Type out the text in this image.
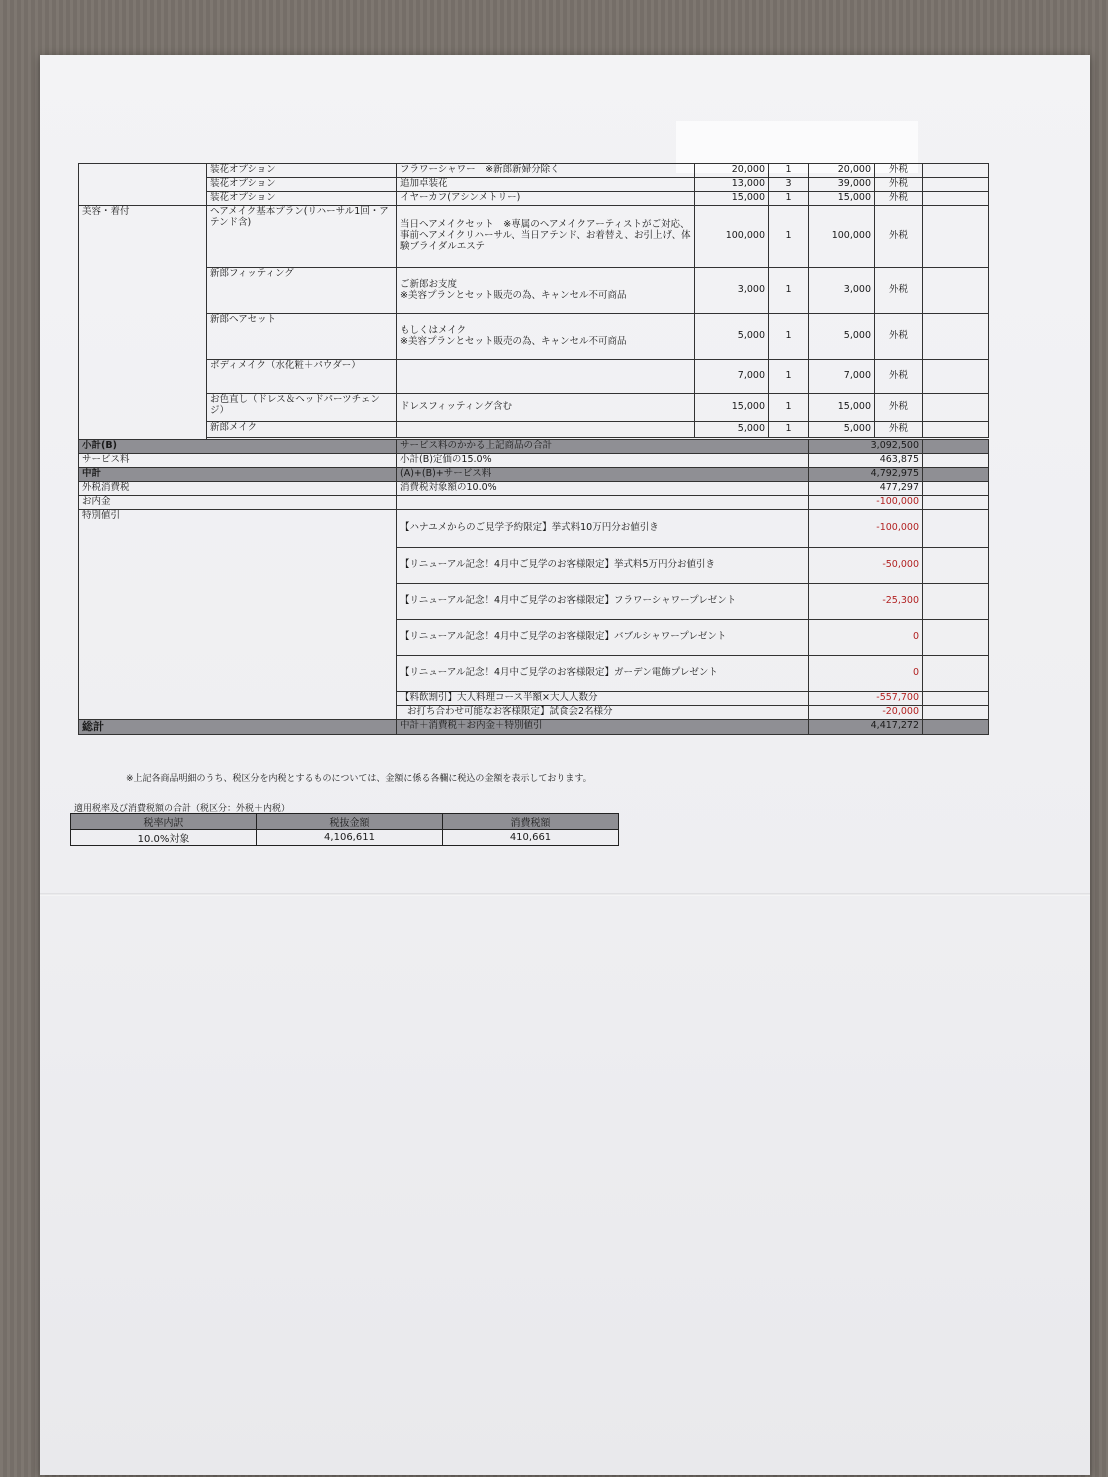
	装花オプション	フラワーシャワー　※新郎新婦分除く	20,000	1	20,000	外税	
	装花オプション	追加卓装花	13,000	3	39,000	外税	
	装花オプション	イヤーカフ(アシンメトリー)	15,000	1	15,000	外税	
美容・着付	ヘアメイク基本プラン(リハーサル1回・アテンド含)	当日ヘアメイクセット　※専属のヘアメイクアーティストがご対応、事前ヘアメイクリハーサル、当日アテンド、お着替え、お引上げ、体験ブライダルエステ	100,000	1	100,000	外税	
	新郎フィッティング	ご新郎お支度
※美容プランとセット販売の為、キャンセル不可商品	3,000	1	3,000	外税	
	新郎ヘアセット	もしくはメイク
※美容プランとセット販売の為、キャンセル不可商品	5,000	1	5,000	外税	
	ボディメイク（水化粧＋パウダー）		7,000	1	7,000	外税	
	お色直し（ドレス＆ヘッドパーツチェンジ）	ドレスフィッティング含む	15,000	1	15,000	外税	
	新郎メイク		5,000	1	5,000	外税	

小計(B)		サービス料のかかる上記商品の合計			3,092,500		
サービス料		小計(B)定価の15.0%			463,875		
中計		(A)+(B)+サービス料			4,792,975		
外税消費税		消費税対象額の10.0%			477,297		
お内金					-100,000		
特別値引		【ハナユメからのご見学予約限定】挙式料10万円分お値引き			-100,000		
		【リニューアル記念！4月中ご見学のお客様限定】挙式料5万円分お値引き			-50,000		
		【リニューアル記念！4月中ご見学のお客様限定】フラワーシャワープレゼント			-25,300		
		【リニューアル記念！4月中ご見学のお客様限定】バブルシャワープレゼント			0		
		【リニューアル記念！4月中ご見学のお客様限定】ガーデン電飾プレゼント			0		
		【料飲割引】大人料理コース半額×大人人数分			-557,700		
		お打ち合わせ可能なお客様限定】試食会2名様分			-20,000		
総計		中計＋消費税＋お内金＋特別値引			4,417,272		
※上記各商品明細のうち、税区分を内税とするものについては、金額に係る各欄に税込の金額を表示しております。
適用税率及び消費税額の合計（税区分：外税＋内税）
税率内訳	税抜金額	消費税額
10.0%対象	4,106,611	410,661
